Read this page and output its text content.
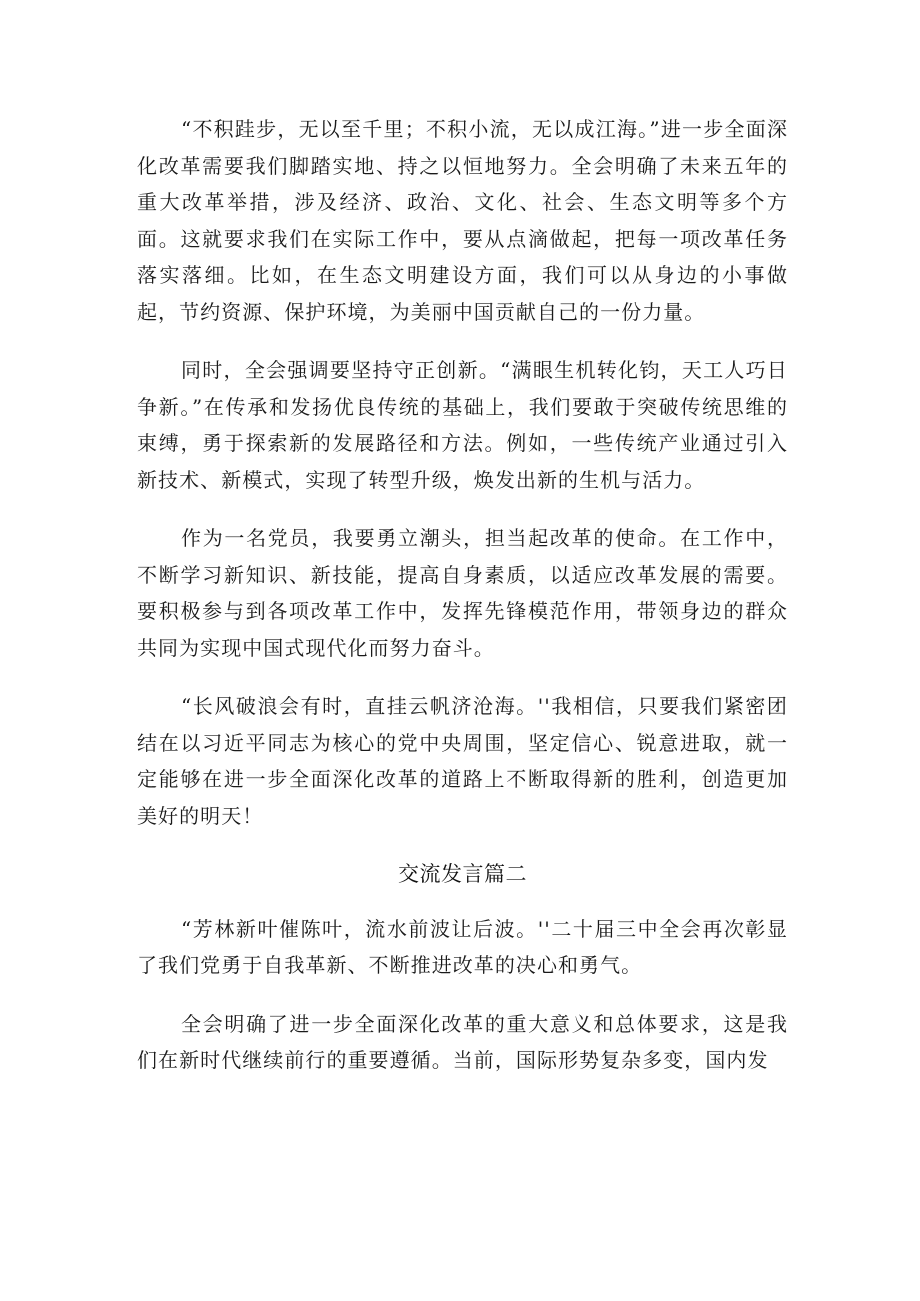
“不积跬步，无以至千里；不积小流，无以成江海。”进一步全面深化改革需要我们脚踏实地、持之以恒地努力。全会明确了未来五年的重大改革举措，涉及经济、政治、文化、社会、生态文明等多个方面。这就要求我们在实际工作中，要从点滴做起，把每一项改革任务落实落细。比如，在生态文明建设方面，我们可以从身边的小事做起，节约资源、保护环境，为美丽中国贡献自己的一份力量。

同时，全会强调要坚持守正创新。“满眼生机转化钧，天工人巧日争新。”在传承和发扬优良传统的基础上，我们要敢于突破传统思维的束缚，勇于探索新的发展路径和方法。例如，一些传统产业通过引入新技术、新模式，实现了转型升级，焕发出新的生机与活力。

作为一名党员，我要勇立潮头，担当起改革的使命。在工作中，不断学习新知识、新技能，提高自身素质，以适应改革发展的需要。要积极参与到各项改革工作中，发挥先锋模范作用，带领身边的群众共同为实现中国式现代化而努力奋斗。

“长风破浪会有时，直挂云帆济沧海。''我相信，只要我们紧密团结在以习近平同志为核心的党中央周围，坚定信心、锐意进取，就一定能够在进一步全面深化改革的道路上不断取得新的胜利，创造更加美好的明天！

交流发言篇二

“芳林新叶催陈叶，流水前波让后波。''二十届三中全会再次彰显了我们党勇于自我革新、不断推进改革的决心和勇气。

全会明确了进一步全面深化改革的重大意义和总体要求，这是我们在新时代继续前行的重要遵循。当前，国际形势复杂多变，国内发
